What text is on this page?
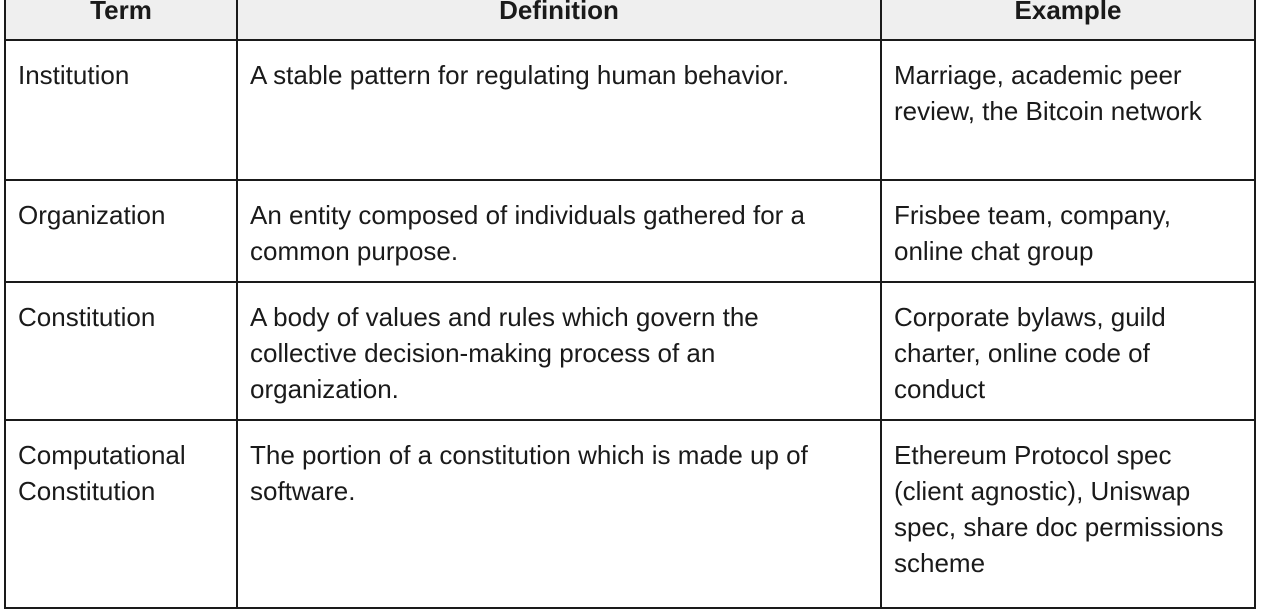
Term	Definition	Example
Institution	A stable pattern for regulating human behavior.	Marriage, academic peer review, the Bitcoin network
Organization	An entity composed of individuals gathered for a common purpose.	Frisbee team, company, online chat group
Constitution	A body of values and rules which govern the collective decision-making process of an organization.	Corporate bylaws, guild charter, online code of conduct
Computational Constitution	The portion of a constitution which is made up of software.	Ethereum Protocol spec (client agnostic), Uniswap spec, share doc permissions scheme
